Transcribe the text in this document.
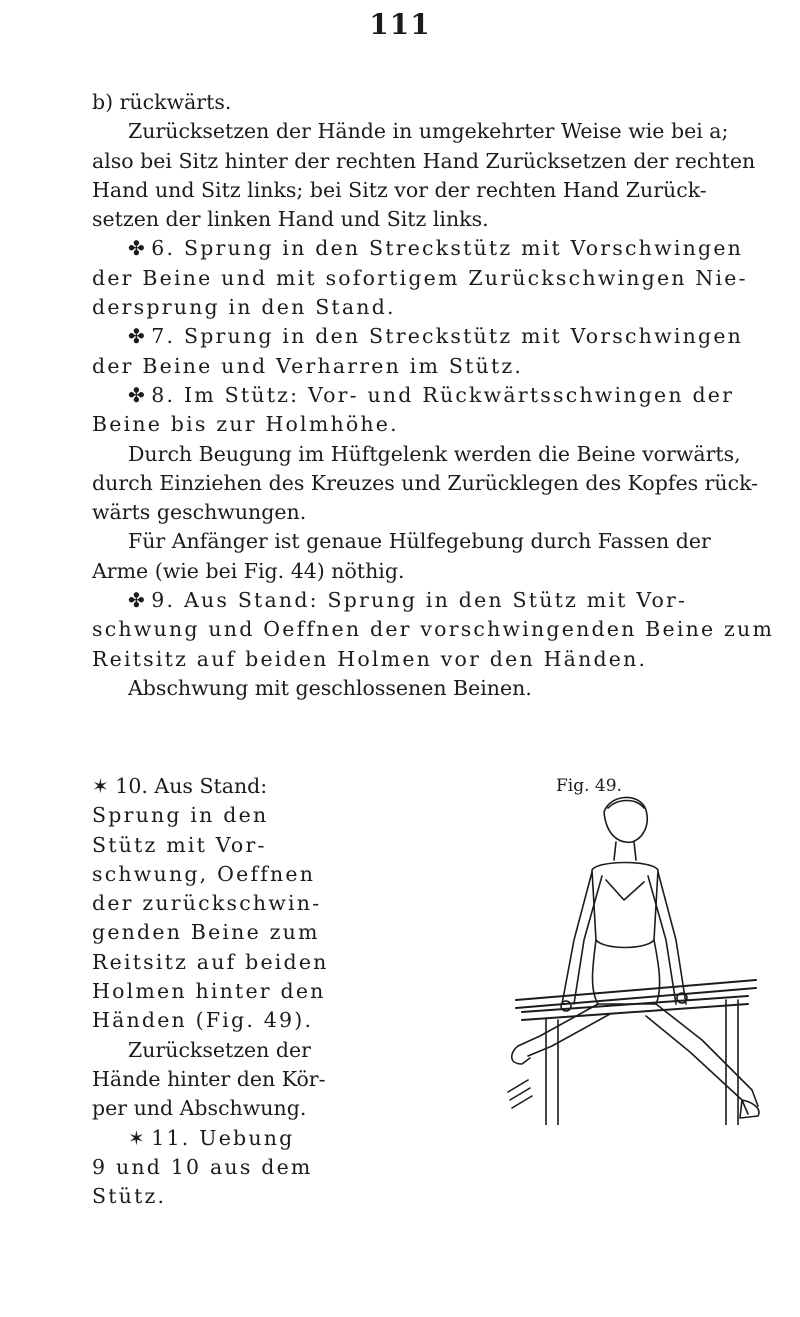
111
b) rückwärts.
Zurücksetzen der Hände in umgekehrter Weise wie bei a;
also bei Sitz hinter der rechten Hand Zurücksetzen der rechten
Hand und Sitz links; bei Sitz vor der rechten Hand Zurück-
setzen der linken Hand und Sitz links.
✤ 6. Sprung in den Streckstütz mit Vorschwingen
der Beine und mit sofortigem Zurückschwingen Nie-
dersprung in den Stand.
✤ 7. Sprung in den Streckstütz mit Vorschwingen
der Beine und Verharren im Stütz.
✤ 8. Im Stütz: Vor- und Rückwärtsschwingen der
Beine bis zur Holmhöhe.
Durch Beugung im Hüftgelenk werden die Beine vorwärts,
durch Einziehen des Kreuzes und Zurücklegen des Kopfes rück-
wärts geschwungen.
Für Anfänger ist genaue Hülfegebung durch Fassen der
Arme (wie bei Fig. 44) nöthig.
✤ 9. Aus Stand: Sprung in den Stütz mit Vor-
schwung und Oeffnen der vorschwingenden Beine zum
Reitsitz auf beiden Holmen vor den Händen.
Abschwung mit geschlossenen Beinen.
✶ 10. Aus Stand:
Sprung in den
Stütz mit Vor-
schwung, Oeffnen
der zurückschwin-
genden Beine zum
Reitsitz auf beiden
Holmen hinter den
Händen (Fig. 49).
Zurücksetzen der
Hände hinter den Kör-
per und Abschwung.
✶ 11. Uebung
9 und 10 aus dem
Stütz.
Fig. 49.
